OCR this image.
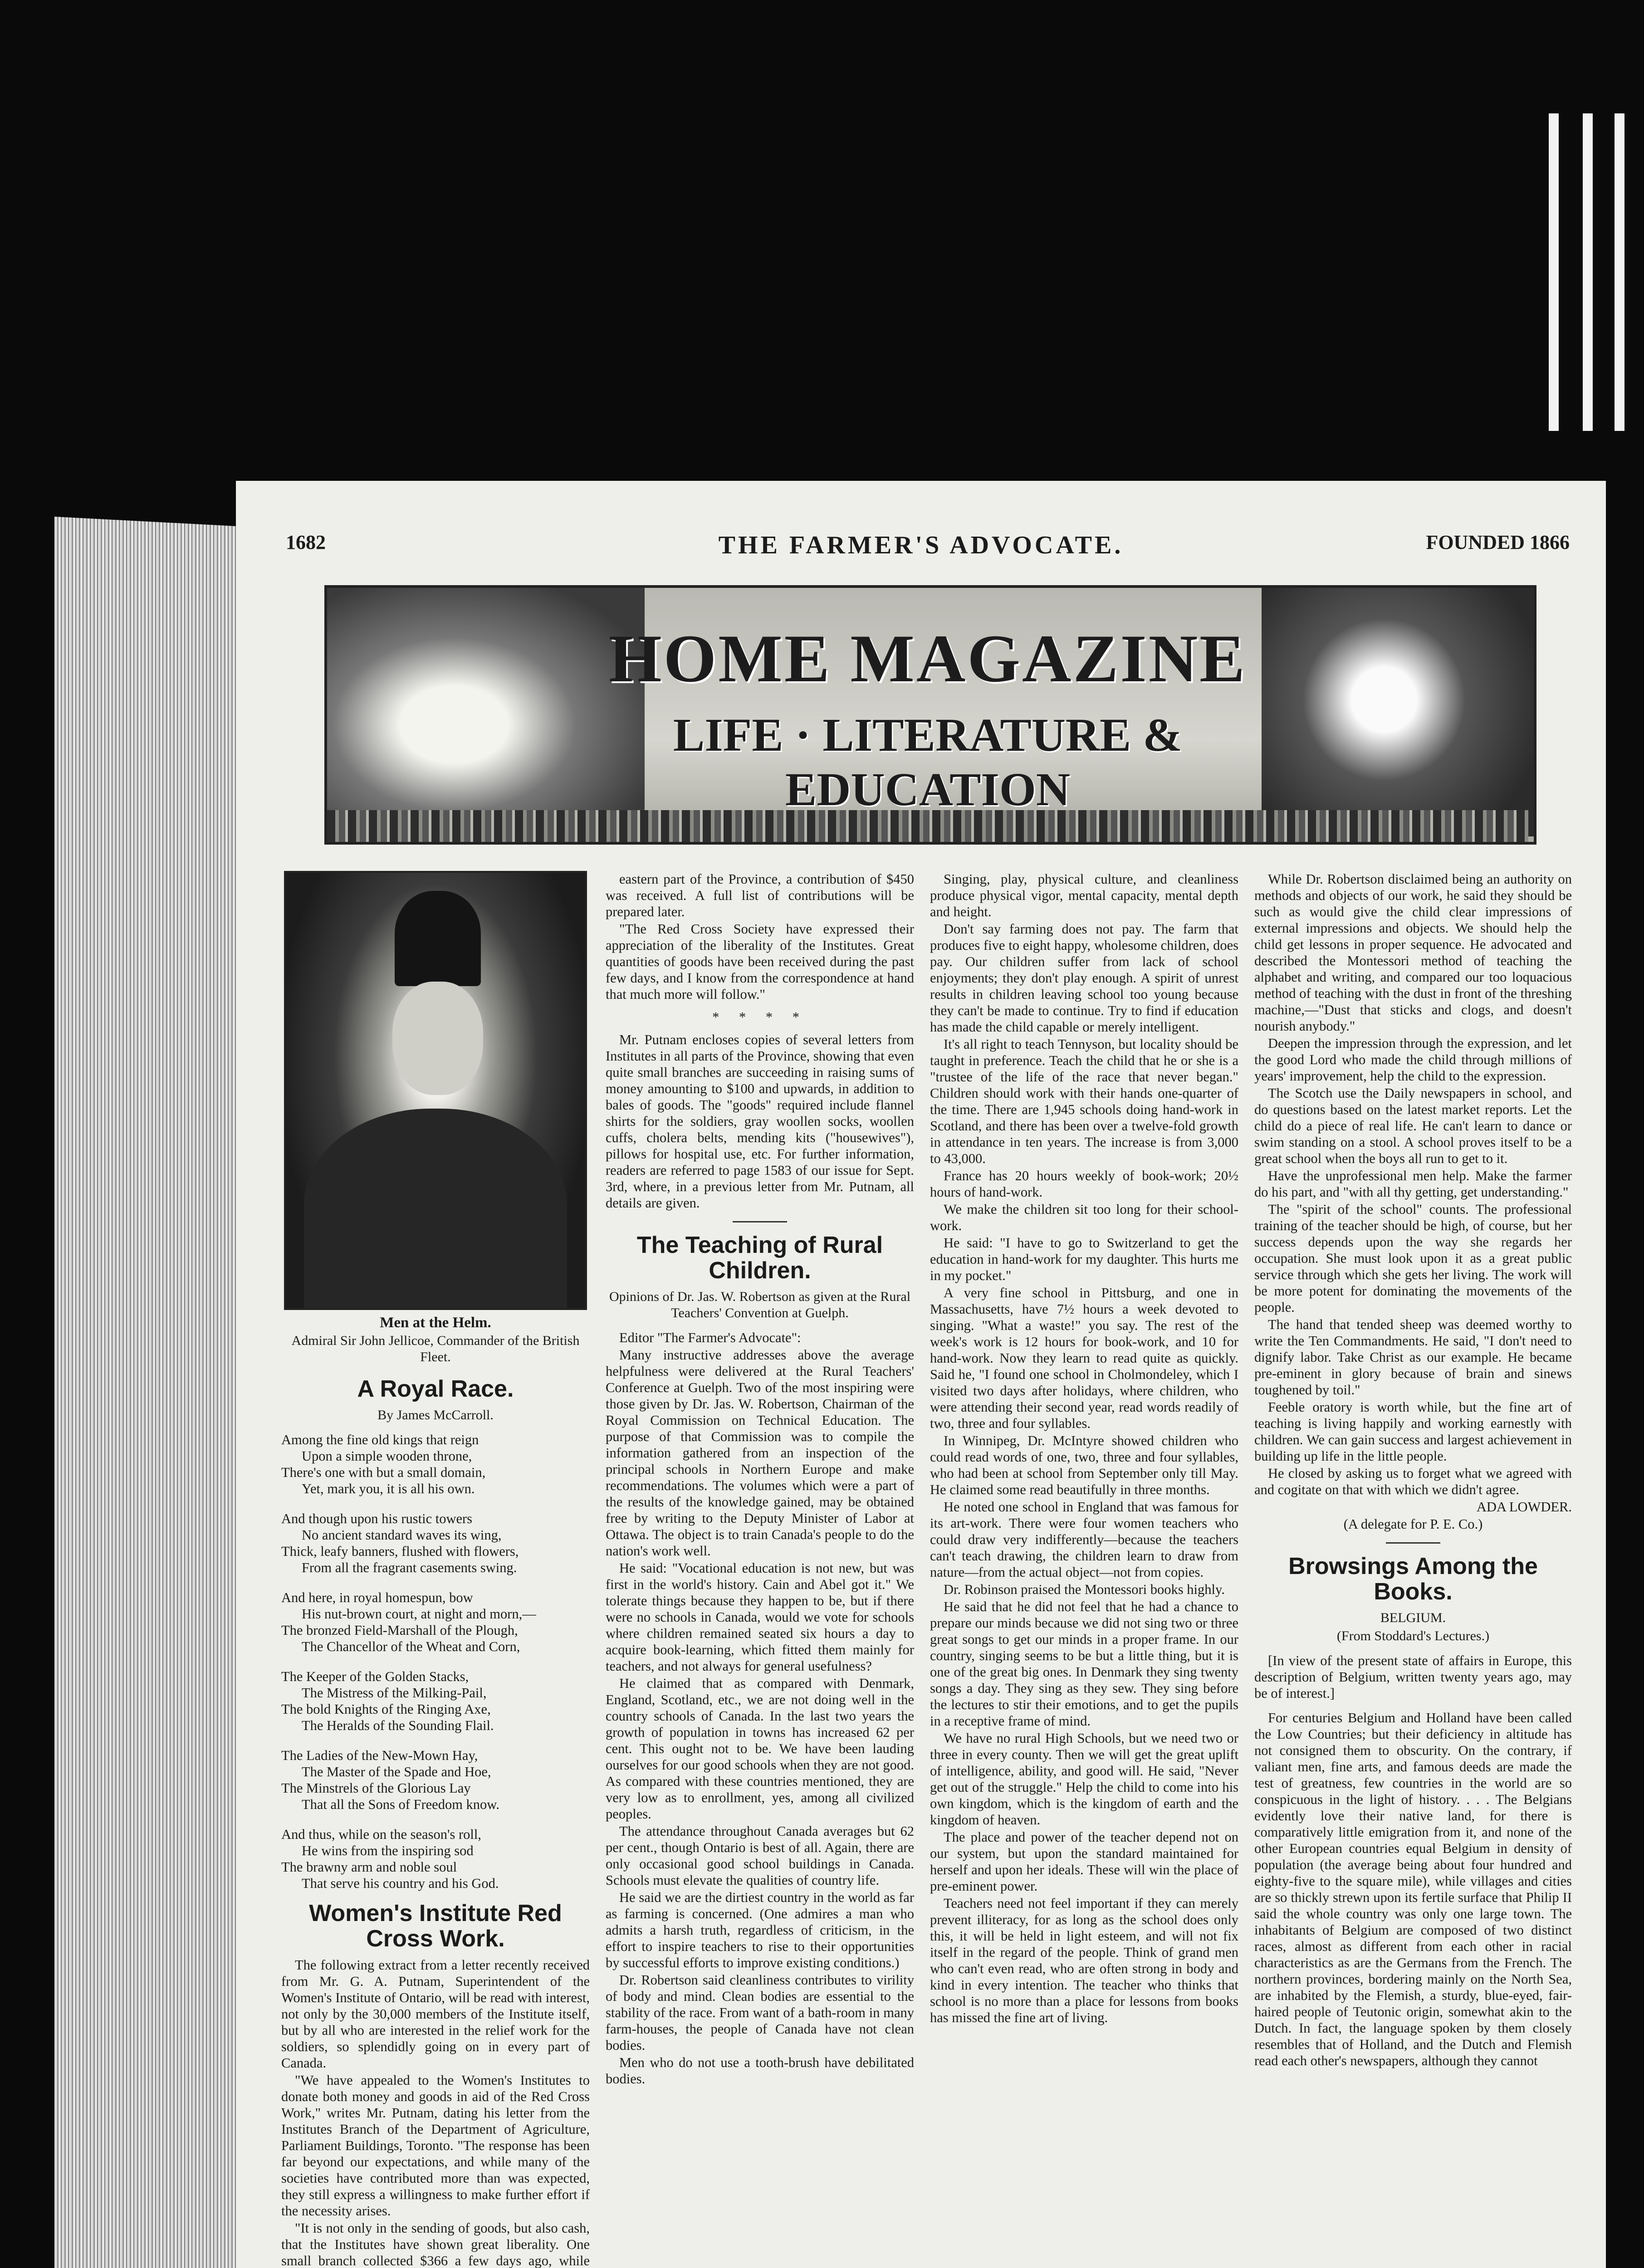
1682	THE FARMER'S ADVOCATE.	FOUNDED 1866
HOME MAGAZINE
LIFE · LITERATURE &
EDUCATION
Men at the Helm.
Admiral Sir John Jellicoe, Commander of the British Fleet.
A Royal Race.
By James McCarroll.

Among the fine old kings that reign

Upon a simple wooden throne,

There's one with but a small domain,

Yet, mark you, it is all his own.

And though upon his rustic towers

No ancient standard waves its wing,

Thick, leafy banners, flushed with flowers,

From all the fragrant casements swing.

And here, in royal homespun, bow

His nut-brown court, at night and morn,—

The bronzed Field-Marshall of the Plough,

The Chancellor of the Wheat and Corn,

The Keeper of the Golden Stacks,

The Mistress of the Milking-Pail,

The bold Knights of the Ringing Axe,

The Heralds of the Sounding Flail.

The Ladies of the New-Mown Hay,

The Master of the Spade and Hoe,

The Minstrels of the Glorious Lay

That all the Sons of Freedom know.

And thus, while on the season's roll,

He wins from the inspiring sod

The brawny arm and noble soul

That serve his country and his God.

Women's Institute Red Cross Work.

The following extract from a letter recently received from Mr. G. A. Putnam, Superintendent of the Women's Institute of Ontario, will be read with interest, not only by the 30,000 members of the Institute itself, but by all who are interested in the relief work for the soldiers, so splendidly going on in every part of Canada.

"We have appealed to the Women's Institutes to donate both money and goods in aid of the Red Cross Work," writes Mr. Putnam, dating his letter from the Institutes Branch of the Department of Agriculture, Parliament Buildings, Toronto. "The response has been far beyond our expectations, and while many of the societies have contributed more than was expected, they still express a willingness to make further effort if the necessity arises.

"It is not only in the sending of goods, but also cash, that the Institutes have shown great liberality. One small branch collected $366 a few days ago, while

eastern part of the Province, a contribution of $450 was received. A full list of contributions will be prepared later.

"The Red Cross Society have expressed their appreciation of the liberality of the Institutes. Great quantities of goods have been received during the past few days, and I know from the correspondence at hand that much more will follow."

* * * *

Mr. Putnam encloses copies of several letters from Institutes in all parts of the Province, showing that even quite small branches are succeeding in raising sums of money amounting to $100 and upwards, in addition to bales of goods. The "goods" required include flannel shirts for the soldiers, gray woollen socks, woollen cuffs, cholera belts, mending kits ("housewives"), pillows for hospital use, etc. For further information, readers are referred to page 1583 of our issue for Sept. 3rd, where, in a previous letter from Mr. Putnam, all details are given.

The Teaching of Rural Children.
Opinions of Dr. Jas. W. Robertson as given at the Rural Teachers' Convention at Guelph.

Editor "The Farmer's Advocate":

Many instructive addresses above the average helpfulness were delivered at the Rural Teachers' Conference at Guelph. Two of the most inspiring were those given by Dr. Jas. W. Robertson, Chairman of the Royal Commission on Technical Education. The purpose of that Commission was to compile the information gathered from an inspection of the principal schools in Northern Europe and make recommendations. The volumes which were a part of the results of the knowledge gained, may be obtained free by writing to the Deputy Minister of Labor at Ottawa. The object is to train Canada's people to do the nation's work well.

He said: "Vocational education is not new, but was first in the world's history. Cain and Abel got it." We tolerate things because they happen to be, but if there were no schools in Canada, would we vote for schools where children remained seated six hours a day to acquire book-learning, which fitted them mainly for teachers, and not always for general usefulness?

He claimed that as compared with Denmark, England, Scotland, etc., we are not doing well in the country schools of Canada. In the last two years the growth of population in towns has increased 62 per cent. This ought not to be. We have been lauding ourselves for our good schools when they are not good. As compared with these countries mentioned, they are very low as to enrollment, yes, among all civilized peoples.

The attendance throughout Canada averages but 62 per cent., though Ontario is best of all. Again, there are only occasional good school buildings in Canada. Schools must elevate the qualities of country life.

He said we are the dirtiest country in the world as far as farming is concerned. (One admires a man who admits a harsh truth, regardless of criticism, in the effort to inspire teachers to rise to their opportunities by successful efforts to improve existing conditions.)

Dr. Robertson said cleanliness contributes to virility of body and mind. Clean bodies are essential to the stability of the race. From want of a bath-room in many farm-houses, the people of Canada have not clean bodies.

Men who do not use a tooth-brush have debilitated bodies.

Singing, play, physical culture, and cleanliness produce physical vigor, mental capacity, mental depth and height.

Don't say farming does not pay. The farm that produces five to eight happy, wholesome children, does pay. Our children suffer from lack of school enjoyments; they don't play enough. A spirit of unrest results in children leaving school too young because they can't be made to continue. Try to find if education has made the child capable or merely intelligent.

It's all right to teach Tennyson, but locality should be taught in preference. Teach the child that he or she is a "trustee of the life of the race that never began." Children should work with their hands one-quarter of the time. There are 1,945 schools doing hand-work in Scotland, and there has been over a twelve-fold growth in attendance in ten years. The increase is from 3,000 to 43,000.

France has 20 hours weekly of book-work; 20½ hours of hand-work.

We make the children sit too long for their school-work.

He said: "I have to go to Switzerland to get the education in hand-work for my daughter. This hurts me in my pocket."

A very fine school in Pittsburg, and one in Massachusetts, have 7½ hours a week devoted to singing. "What a waste!" you say. The rest of the week's work is 12 hours for book-work, and 10 for hand-work. Now they learn to read quite as quickly. Said he, "I found one school in Cholmondeley, which I visited two days after holidays, where children, who were attending their second year, read words readily of two, three and four syllables.

In Winnipeg, Dr. McIntyre showed children who could read words of one, two, three and four syllables, who had been at school from September only till May. He claimed some read beautifully in three months.

He noted one school in England that was famous for its art-work. There were four women teachers who could draw very indifferently—because the teachers can't teach drawing, the children learn to draw from nature—from the actual object—not from copies.

Dr. Robinson praised the Montessori books highly.

He said that he did not feel that he had a chance to prepare our minds because we did not sing two or three great songs to get our minds in a proper frame. In our country, singing seems to be but a little thing, but it is one of the great big ones. In Denmark they sing twenty songs a day. They sing as they sew. They sing before the lectures to stir their emotions, and to get the pupils in a receptive frame of mind.

We have no rural High Schools, but we need two or three in every county. Then we will get the great uplift of intelligence, ability, and good will. He said, "Never get out of the struggle." Help the child to come into his own kingdom, which is the kingdom of earth and the kingdom of heaven.

The place and power of the teacher depend not on our system, but upon the standard maintained for herself and upon her ideals. These will win the place of pre-eminent power.

Teachers need not feel important if they can merely prevent illiteracy, for as long as the school does only this, it will be held in light esteem, and will not fix itself in the regard of the people. Think of grand men who can't even read, who are often strong in body and kind in every intention. The teacher who thinks that school is no more than a place for lessons from books has missed the fine art of living.

While Dr. Robertson disclaimed being an authority on methods and objects of our work, he said they should be such as would give the child clear impressions of external impressions and objects. We should help the child get lessons in proper sequence. He advocated and described the Montessori method of teaching the alphabet and writing, and compared our too loquacious method of teaching with the dust in front of the threshing machine,—"Dust that sticks and clogs, and doesn't nourish anybody."

Deepen the impression through the expression, and let the good Lord who made the child through millions of years' improvement, help the child to the expression.

The Scotch use the Daily newspapers in school, and do questions based on the latest market reports. Let the child do a piece of real life. He can't learn to dance or swim standing on a stool. A school proves itself to be a great school when the boys all run to get to it.

Have the unprofessional men help. Make the farmer do his part, and "with all thy getting, get understanding."

The "spirit of the school" counts. The professional training of the teacher should be high, of course, but her success depends upon the way she regards her occupation. She must look upon it as a great public service through which she gets her living. The work will be more potent for dominating the movements of the people.

The hand that tended sheep was deemed worthy to write the Ten Commandments. He said, "I don't need to dignify labor. Take Christ as our example. He became pre-eminent in glory because of brain and sinews toughened by toil."

Feeble oratory is worth while, but the fine art of teaching is living happily and working earnestly with children. We can gain success and largest achievement in building up life in the little people.

He closed by asking us to forget what we agreed with and cogitate on that with which we didn't agree.

ADA LOWDER.

(A delegate for P. E. Co.)

Browsings Among the Books.
BELGIUM.
(From Stoddard's Lectures.)

[In view of the present state of affairs in Europe, this description of Belgium, written twenty years ago, may be of interest.]

For centuries Belgium and Holland have been called the Low Countries; but their deficiency in altitude has not consigned them to obscurity. On the contrary, if valiant men, fine arts, and famous deeds are made the test of greatness, few countries in the world are so conspicuous in the light of history. . . . The Belgians evidently love their native land, for there is comparatively little emigration from it, and none of the other European countries equal Belgium in density of population (the average being about four hundred and eighty-five to the square mile), while villages and cities are so thickly strewn upon its fertile surface that Philip II said the whole country was only one large town. The inhabitants of Belgium are composed of two distinct races, almost as different from each other in racial characteristics as are the Germans from the French. The northern provinces, bordering mainly on the North Sea, are inhabited by the Flemish, a sturdy, blue-eyed, fair-haired people of Teutonic origin, somewhat akin to the Dutch. In fact, the language spoken by them closely resembles that of Holland, and the Dutch and Flemish read each other's newspapers, although they cannot
